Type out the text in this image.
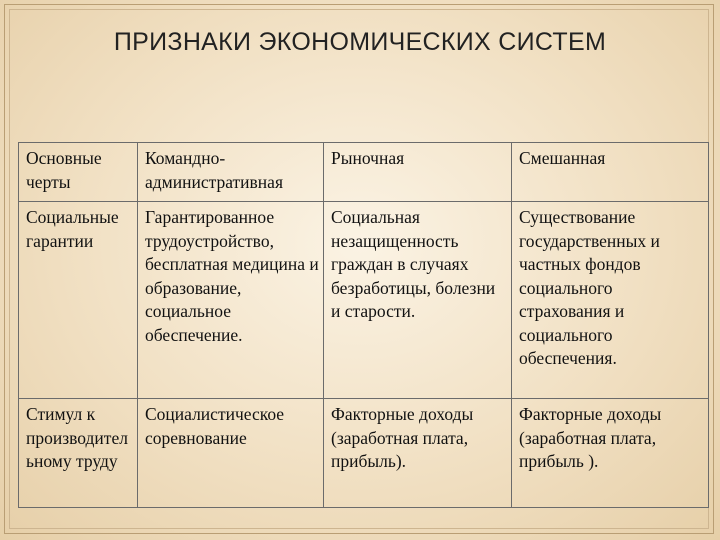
ПРИЗНАКИ ЭКОНОМИЧЕСКИХ СИСТЕМ
Основные черты	Командно-административная	Рыночная	Смешанная
Социальные гарантии	Гарантированное трудоустройство, бесплатная медицина и образование, социальное обеспечение.	Социальная незащищенность граждан в случаях безработицы, болезни и старости.	Существование государственных и частных фондов социального страхования и социального обеспечения.
Стимул к производительному труду	Социалистическое соревнование	Факторные доходы (заработная плата, прибыль).	Факторные доходы (заработная плата, прибыль ).
